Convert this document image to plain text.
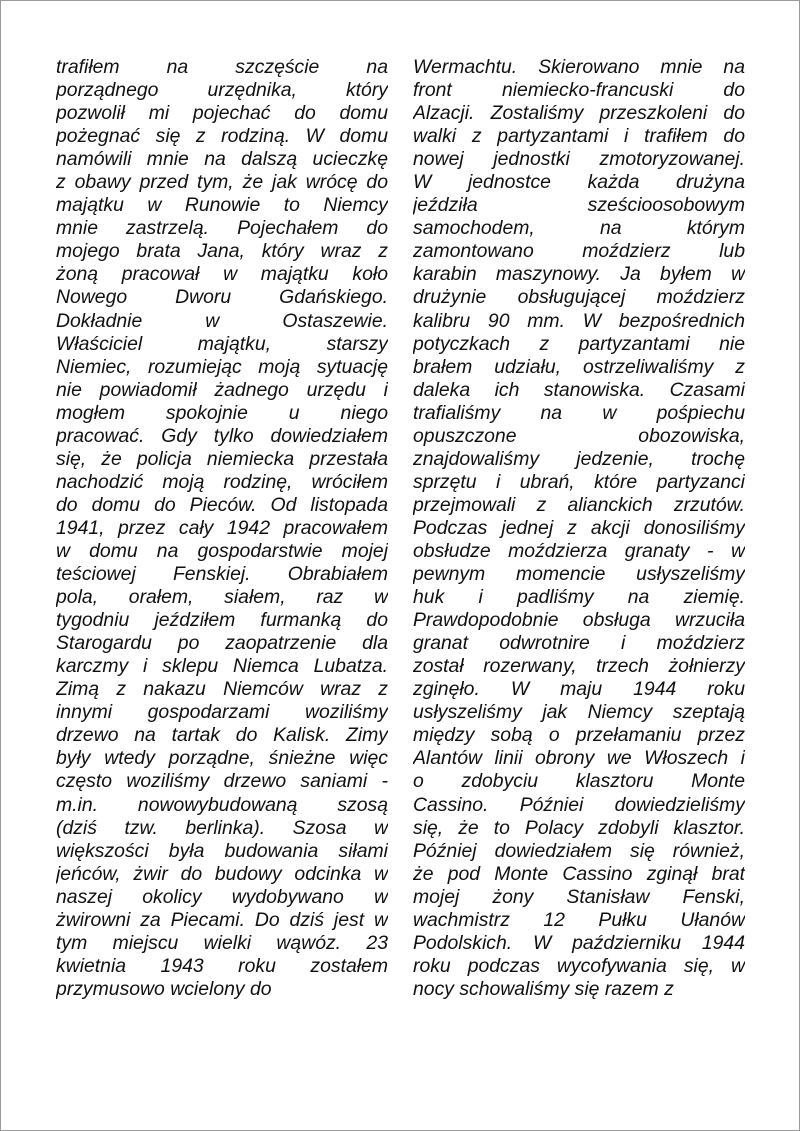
trafiłem na szczęście na
porządnego urzędnika, który
pozwolił mi pojechać do domu
pożegnać się z rodziną. W domu
namówili mnie na dalszą ucieczkę
z obawy przed tym, że jak wrócę do
majątku w Runowie to Niemcy
mnie zastrzelą. Pojechałem do
mojego brata Jana, który wraz z
żoną pracował w majątku koło
Nowego Dworu Gdańskiego.
Dokładnie w Ostaszewie.
Właściciel majątku, starszy
Niemiec, rozumiejąc moją sytuację
nie powiadomił żadnego urzędu i
mogłem spokojnie u niego
pracować. Gdy tylko dowiedziałem
się, że policja niemiecka przestała
nachodzić moją rodzinę, wróciłem
do domu do Pieców. Od listopada
1941, przez cały 1942 pracowałem
w domu na gospodarstwie mojej
teściowej Fenskiej. Obrabiałem
pola, orałem, siałem, raz w
tygodniu jeździłem furmanką do
Starogardu po zaopatrzenie dla
karczmy i sklepu Niemca Lubatza.
Zimą z nakazu Niemców wraz z
innymi gospodarzami woziliśmy
drzewo na tartak do Kalisk. Zimy
były wtedy porządne, śnieżne więc
często woziliśmy drzewo saniami -
m.in. nowowybudowaną szosą
(dziś tzw. berlinka). Szosa w
większości była budowania siłami
jeńców, żwir do budowy odcinka w
naszej okolicy wydobywano w
żwirowni za Piecami. Do dziś jest w
tym miejscu wielki wąwóz. 23
kwietnia 1943 roku zostałem
przymusowo wcielony do
Wermachtu. Skierowano mnie na
front niemiecko-francuski do
Alzacji. Zostaliśmy przeszkoleni do
walki z partyzantami i trafiłem do
nowej jednostki zmotoryzowanej.
W jednostce każda drużyna
jeździła sześcioosobowym
samochodem, na którym
zamontowano moździerz lub
karabin maszynowy. Ja byłem w
drużynie obsługującej moździerz
kalibru 90 mm. W bezpośrednich
potyczkach z partyzantami nie
brałem udziału, ostrzeliwaliśmy z
daleka ich stanowiska. Czasami
trafialiśmy na w pośpiechu
opuszczone obozowiska,
znajdowaliśmy jedzenie, trochę
sprzętu i ubrań, które partyzanci
przejmowali z alianckich zrzutów.
Podczas jednej z akcji donosiliśmy
obsłudze moździerza granaty - w
pewnym momencie usłyszeliśmy
huk i padliśmy na ziemię.
Prawdopodobnie obsługa wrzuciła
granat odwrotnire i moździerz
został rozerwany, trzech żołnierzy
zginęło. W maju 1944 roku
usłyszeliśmy jak Niemcy szeptają
między sobą o przełamaniu przez
Alantów linii obrony we Włoszech i
o zdobyciu klasztoru Monte
Cassino. Późniei dowiedzieliśmy
się, że to Polacy zdobyli klasztor.
Później dowiedziałem się również,
że pod Monte Cassino zginął brat
mojej żony Stanisław Fenski,
wachmistrz 12 Pułku Ułanów
Podolskich. W październiku 1944
roku podczas wycofywania się, w
nocy schowaliśmy się razem z
